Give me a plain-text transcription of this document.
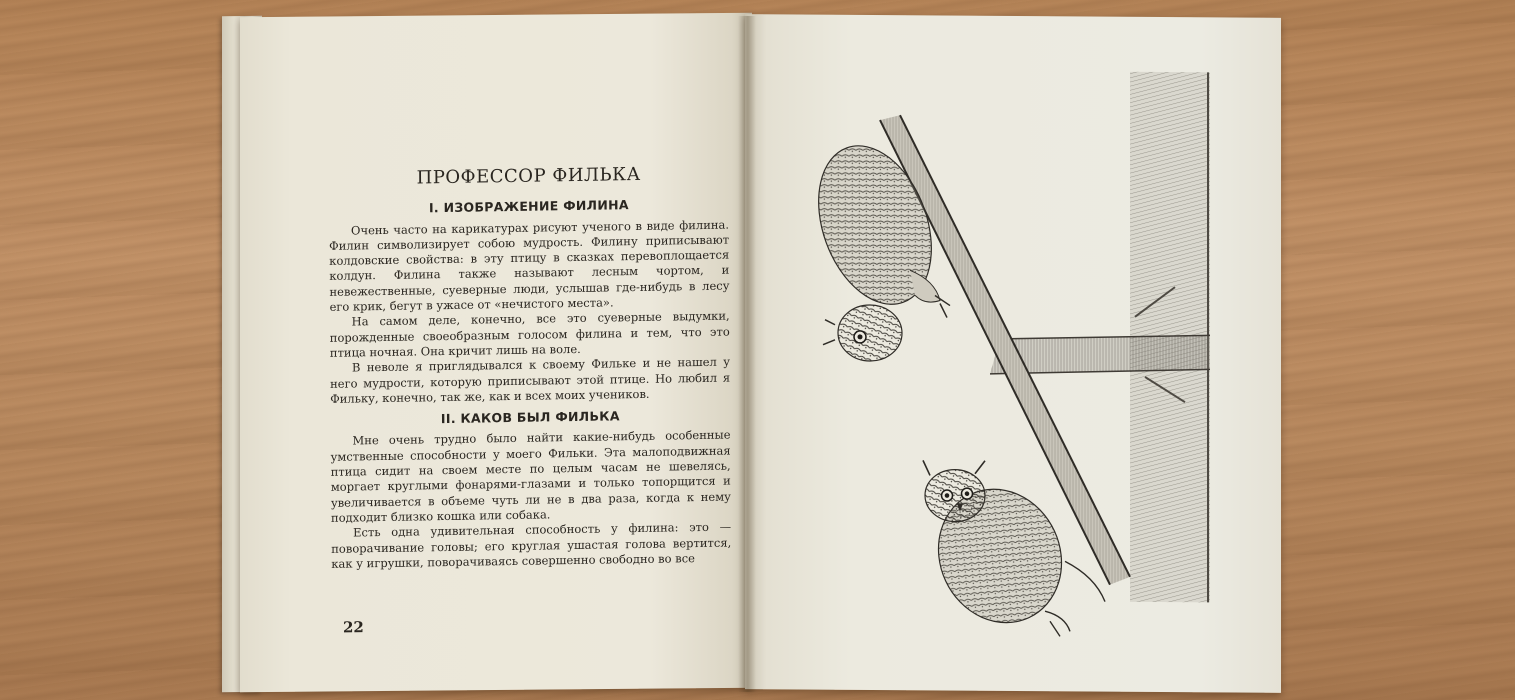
ПРОФЕССОР ФИЛЬКА
I. ИЗОБРАЖЕНИЕ ФИЛИНА

Очень часто на карикатурах рисуют ученого в виде филина. Филин символизирует собою мудрость. Филину приписывают колдовские свойства: в эту птицу в сказках перевоплощается колдун. Филина также называют лесным чортом, и невежественные, суеверные люди, услышав где-нибудь в лесу его крик, бегут в ужасе от «нечистого места».

На самом деле, конечно, все это суеверные выдумки, порожденные своеобразным голосом филина и тем, что это птица ночная. Она кричит лишь на воле.

В неволе я приглядывался к своему Фильке и не нашел у него мудрости, которую приписывают этой птице. Но любил я Фильку, конечно, так же, как и всех моих учеников.

II. КАКОВ БЫЛ ФИЛЬКА

Мне очень трудно было найти какие-нибудь особенные умственные способности у моего Фильки. Эта малоподвижная птица сидит на своем месте по целым часам не шевелясь, моргает круглыми фонарями-глазами и только топорщится и увеличивается в объеме чуть ли не в два раза, когда к нему подходит близко кошка или собака.

Есть одна удивительная способность у филина: это — поворачивание головы; его круглая ушастая голова вертится, как у игрушки, поворачиваясь совершенно свободно во все

22
